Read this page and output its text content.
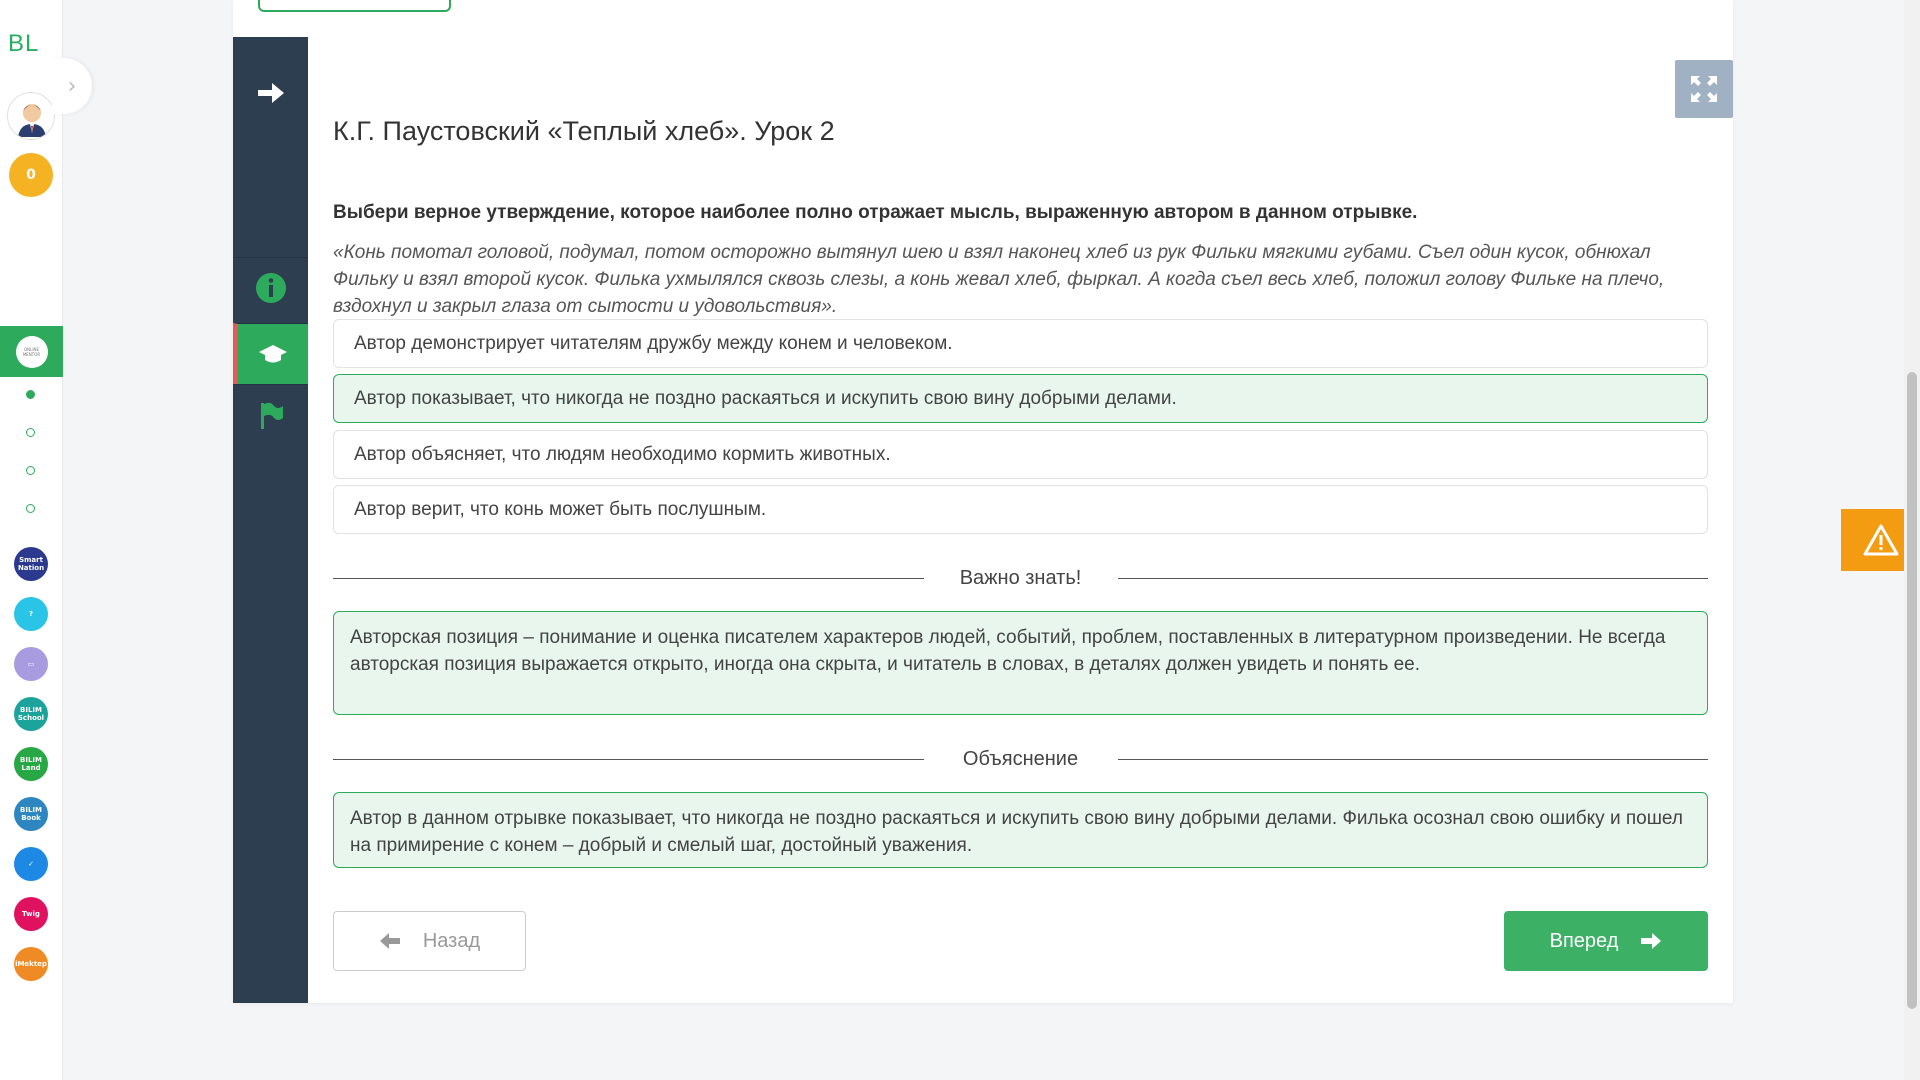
BL
0
ONLINE MENTOR
Smart Nation
?
▭
BILIM School
BILIM Land
BILIM Book
✓
Twig
iMektep
›
К.Г. Паустовский «Теплый хлеб». Урок 2
Выбери верное утверждение, которое наиболее полно отражает мысль, выраженную автором в данном отрывке.
«Конь помотал головой, подумал, потом осторожно вытянул шею и взял наконец хлеб из рук Фильки мягкими губами. Съел один кусок, обнюхал Фильку и взял второй кусок. Филька ухмылялся сквозь слезы, а конь жевал хлеб, фыркал. А когда съел весь хлеб, положил голову Фильке на плечо, вздохнул и закрыл глаза от сытости и удовольствия».
Автор демонстрирует читателям дружбу между конем и человеком.
Автор показывает, что никогда не поздно раскаяться и искупить свою вину добрыми делами.
Автор объясняет, что людям необходимо кормить животных.
Автор верит, что конь может быть послушным.
Важно знать!
Авторская позиция – понимание и оценка писателем характеров людей, событий, проблем, поставленных в литературном произведении. Не всегда авторская позиция выражается открыто, иногда она скрыта, и читатель в словах, в деталях должен увидеть и понять ее.
Объяснение
Автор в данном отрывке показывает, что никогда не поздно раскаяться и искупить свою вину добрыми делами. Филька осознал свою ошибку и пошел на примирение с конем – добрый и смелый шаг, достойный уважения.
Назад	Вперед
